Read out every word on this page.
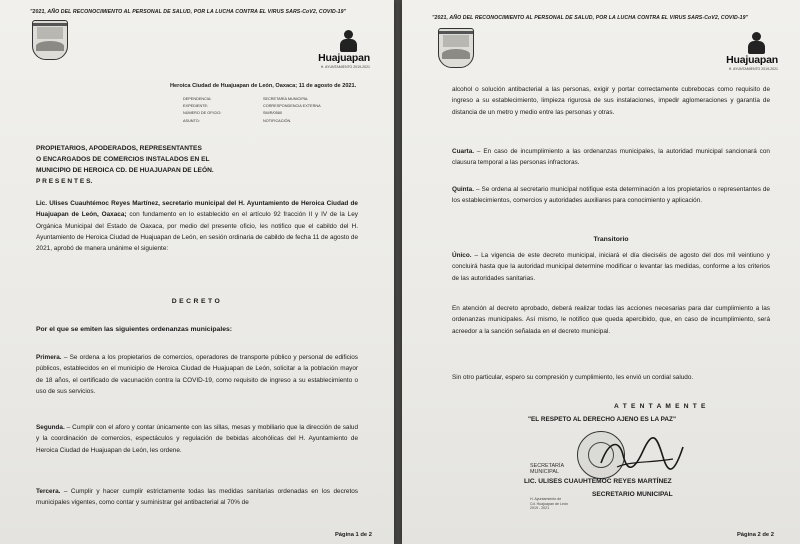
"2021, AÑO DEL RECONOCIMIENTO AL PERSONAL DE SALUD, POR LA LUCHA CONTRA EL VIRUS SARS-CoV2, COVID-19"
Huajuapan
H. AYUNTAMIENTO 2019-2021
Heroica Ciudad de Huajuapan de León, Oaxaca; 11 de agosto de 2021.
DEPENDENCIA:	SECRETARÍA MUNICIPAL
EXPEDIENTE:	CORRESPONDENCIA EXTERNA
NÚMERO DE OFICIO:	SM/R/0580
ASUNTO:	NOTIFICACIÓN.
PROPIETARIOS, APODERADOS, REPRESENTANTES
O ENCARGADOS DE COMERCIOS INSTALADOS EN EL
MUNICIPIO DE HEROICA CD. DE HUAJUAPAN DE LEÓN.
P R E S E N T E S.
Lic. Ulises Cuauhtémoc Reyes Martínez, secretario municipal del H. Ayuntamiento de Heroica Ciudad de Huajuapan de León, Oaxaca; con fundamento en lo establecido en el artículo 92 fracción II y IV de la Ley Orgánica Municipal del Estado de Oaxaca, por medio del presente oficio, les notifico que el cabildo del H. Ayuntamiento de Heroica Ciudad de Huajuapan de León, en sesión ordinaria de cabildo de fecha 11 de agosto de 2021, aprobó de manera unánime el siguiente:
DECRETO
Por el que se emiten las siguientes ordenanzas municipales:
Primera. – Se ordena a los propietarios de comercios, operadores de transporte público y personal de edificios públicos, establecidos en el municipio de Heroica Ciudad de Huajuapan de León, solicitar a la población mayor de 18 años, el certificado de vacunación contra la COVID-19, como requisito de ingreso a su establecimiento o uso de sus servicios.
Segunda. – Cumplir con el aforo y contar únicamente con las sillas, mesas y mobiliario que la dirección de salud y la coordinación de comercios, espectáculos y regulación de bebidas alcohólicas del H. Ayuntamiento de Heroica Ciudad de Huajuapan de León, les ordene.
Tercera. – Cumplir y hacer cumplir estrictamente todas las medidas sanitarias ordenadas en los decretos municipales vigentes, como contar y suministrar gel antibacterial al 70% de
Página 1 de 2
"2021, AÑO DEL RECONOCIMIENTO AL PERSONAL DE SALUD, POR LA LUCHA CONTRA EL VIRUS SARS-CoV2, COVID-19"
Huajuapan
H. AYUNTAMIENTO 2019-2021
alcohol o solución antibacterial a las personas, exigir y portar correctamente cubrebocas como requisito de ingreso a su establecimiento, limpieza rigurosa de sus instalaciones, impedir aglomeraciones y garantía de distancia de un metro y medio entre las personas y otras.
Cuarta. – En caso de incumplimiento a las ordenanzas municipales, la autoridad municipal sancionará con clausura temporal a las personas infractoras.
Quinta. – Se ordena al secretario municipal notifique esta determinación a los propietarios o representantes de los establecimientos, comercios y autoridades auxiliares para conocimiento y aplicación.
Transitorio
Único. – La vigencia de este decreto municipal, iniciará el día dieciséis de agosto del dos mil veintiuno y concluirá hasta que la autoridad municipal determine modificar o levantar las medidas, conforme a los criterios de las autoridades sanitarias.
En atención al decreto aprobado, deberá realizar todas las acciones necesarias para dar cumplimiento a las ordenanzas municipales. Así mismo, le notifico que queda apercibido, que, en caso de incumplimiento, será acreedor a la sanción señalada en el decreto municipal.
Sin otro particular, espero su compresión y cumplimiento, les envió un cordial saludo.
A T E N T A M E N T E
"EL RESPETO AL DERECHO AJENO ES LA PAZ"
SECRETARÍA
MUNICIPAL
LIC. ULISES CUAUHTÉMOC REYES MARTÍNEZ
SECRETARIO MUNICIPAL
H. Ayuntamiento de
Cd. Huajuapan de León
2019 - 2021
Página 2 de 2
